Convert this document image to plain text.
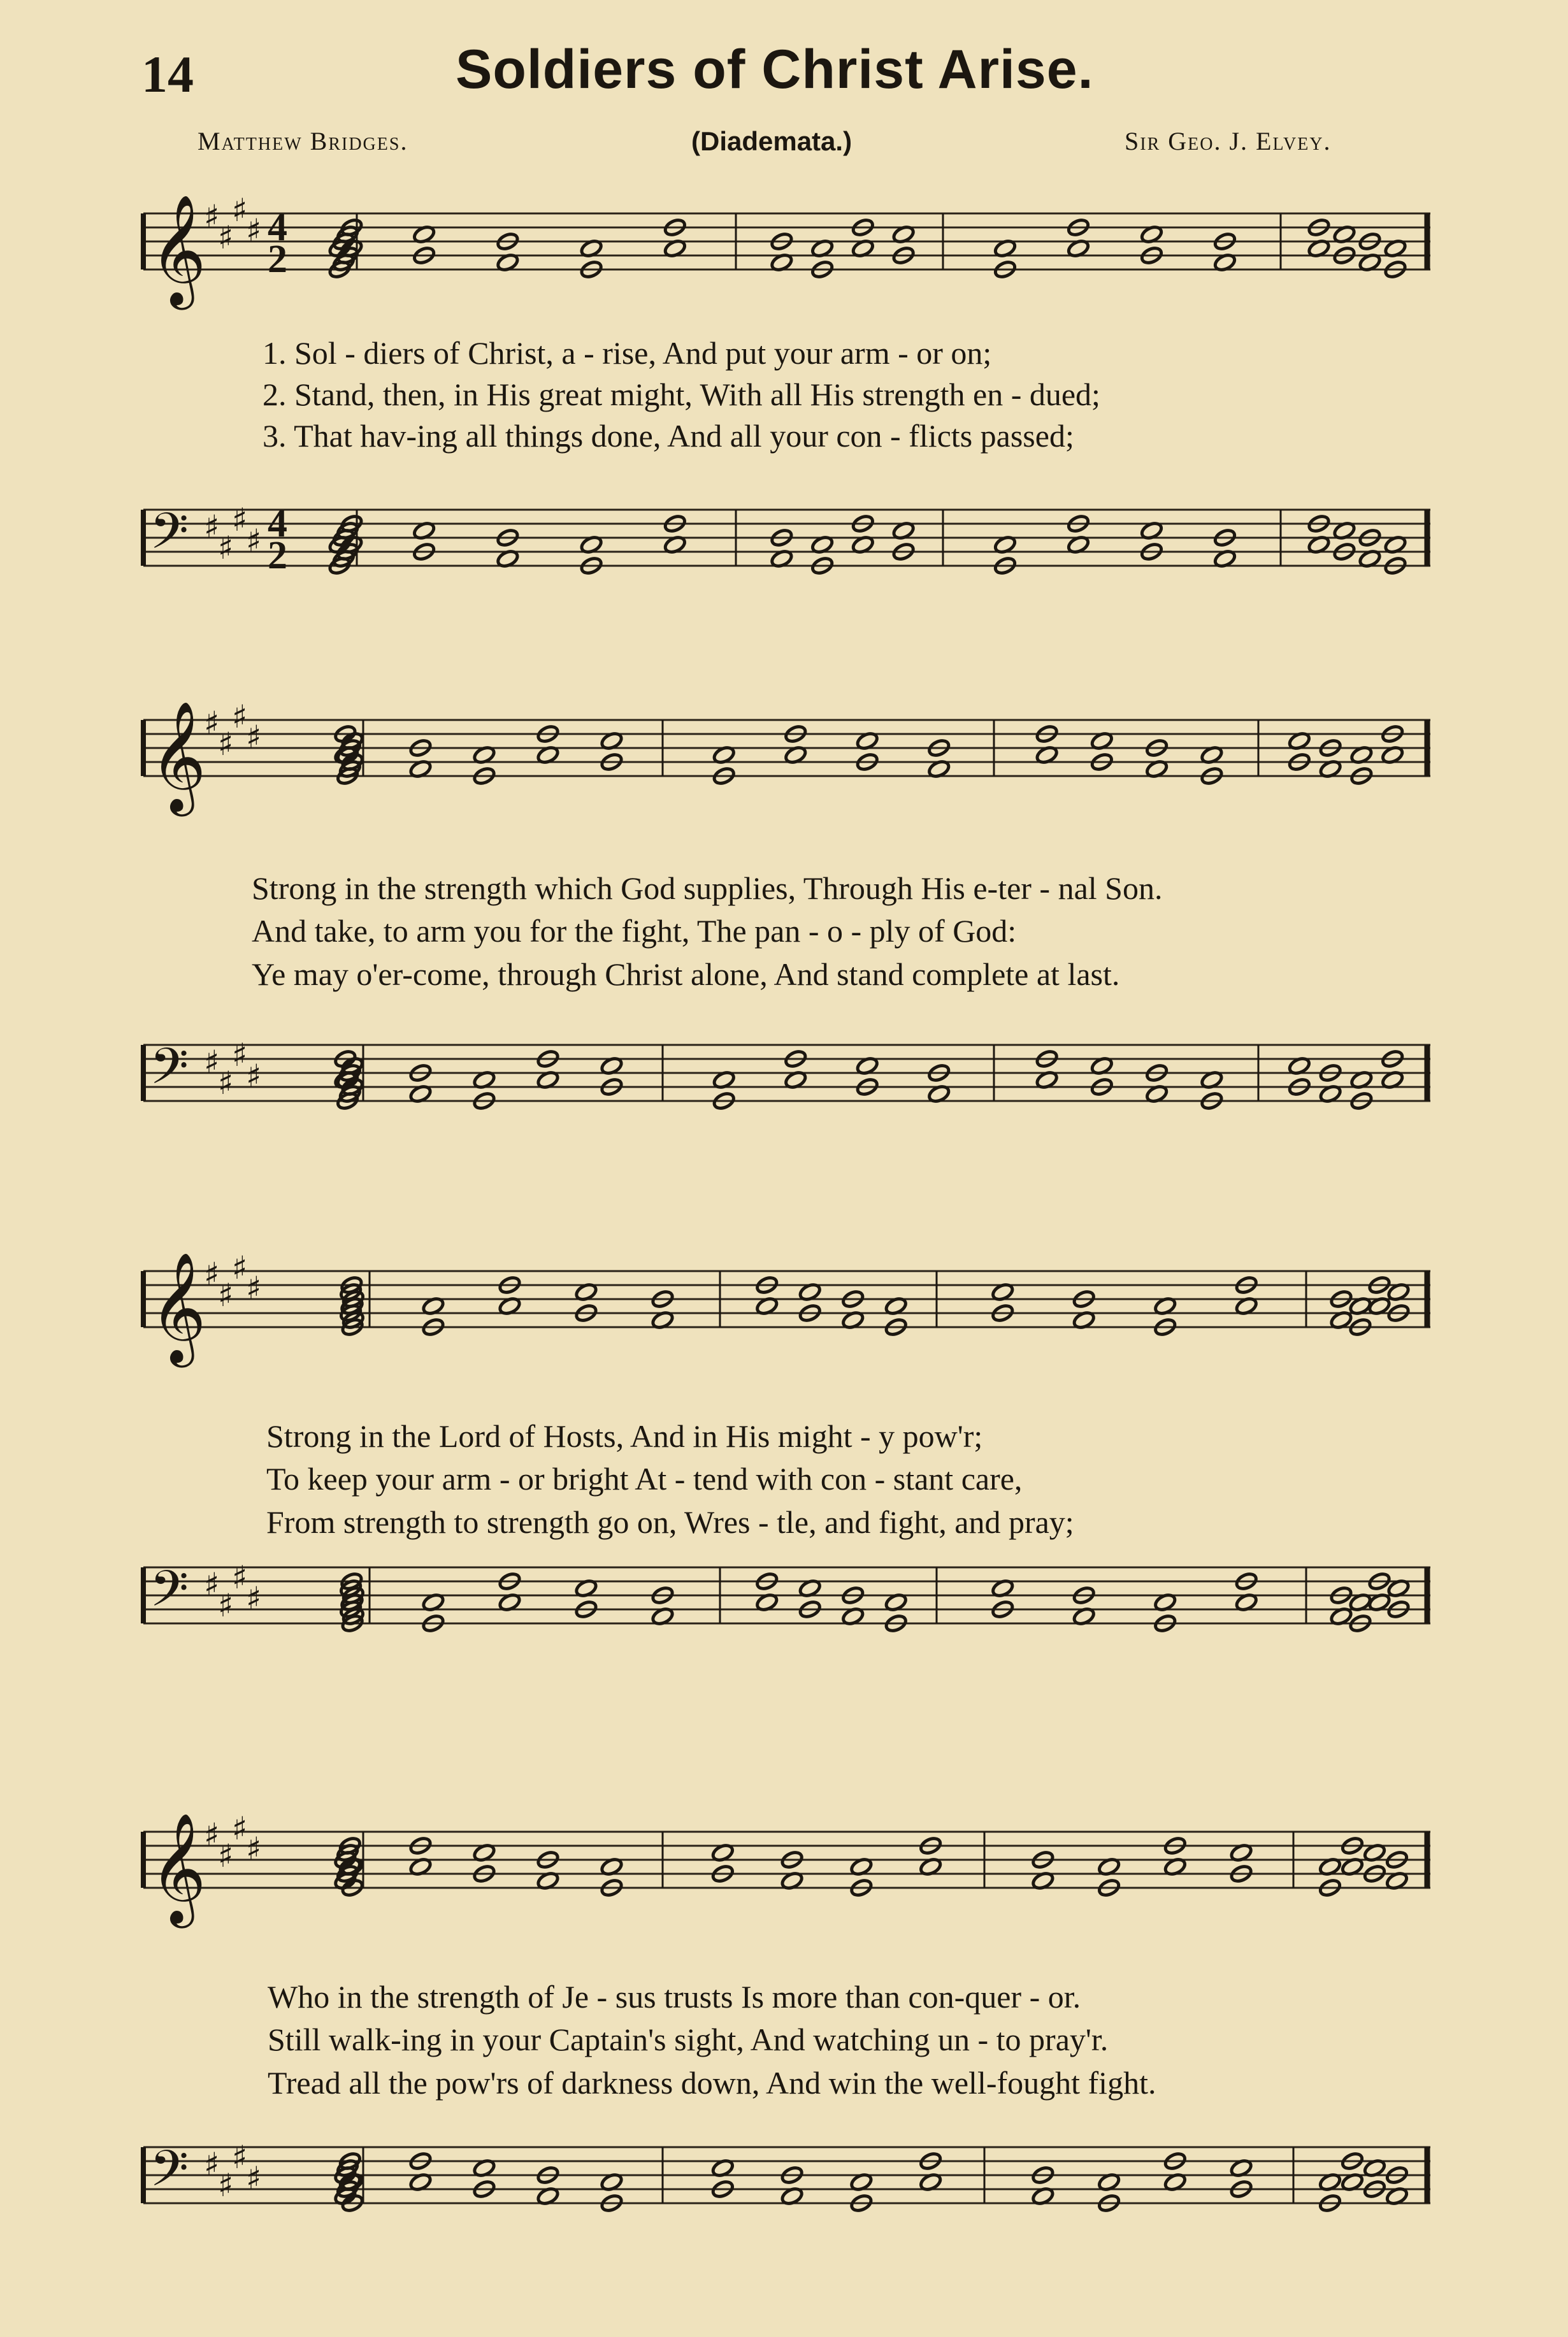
14	Soldiers of Christ Arise.
Matthew Bridges.	(Diademata.)	Sir Geo. J. Elvey.
𝄞
♯
♯
♯
♯ 4
2
1. Sol - diers of Christ, a - rise, And put your arm - or on;
2. Stand, then, in His great might, With all His strength en - dued;
3. That hav-ing all things done, And all your con - flicts passed;
𝄢 ♯
♯
♯
♯ 4
2
𝄞
♯
♯
♯
♯
Strong in the strength which God supplies, Through His e-ter - nal Son.
And take, to arm you for the fight, The pan - o - ply of God:
Ye may o'er-come, through Christ alone, And stand complete at last.
𝄢 ♯
♯
♯
♯
𝄞
♯
♯
♯
♯
Strong in the Lord of Hosts, And in His might - y pow'r;
To keep your arm - or bright At - tend with con - stant care,
From strength to strength go on, Wres - tle, and fight, and pray;
𝄢 ♯
♯
♯
♯
𝄞
♯
♯
♯
♯
Who in the strength of Je - sus trusts Is more than con-quer - or.
Still walk-ing in your Captain's sight, And watching un - to pray'r.
Tread all the pow'rs of darkness down, And win the well-fought fight.
𝄢 ♯
♯
♯
♯
